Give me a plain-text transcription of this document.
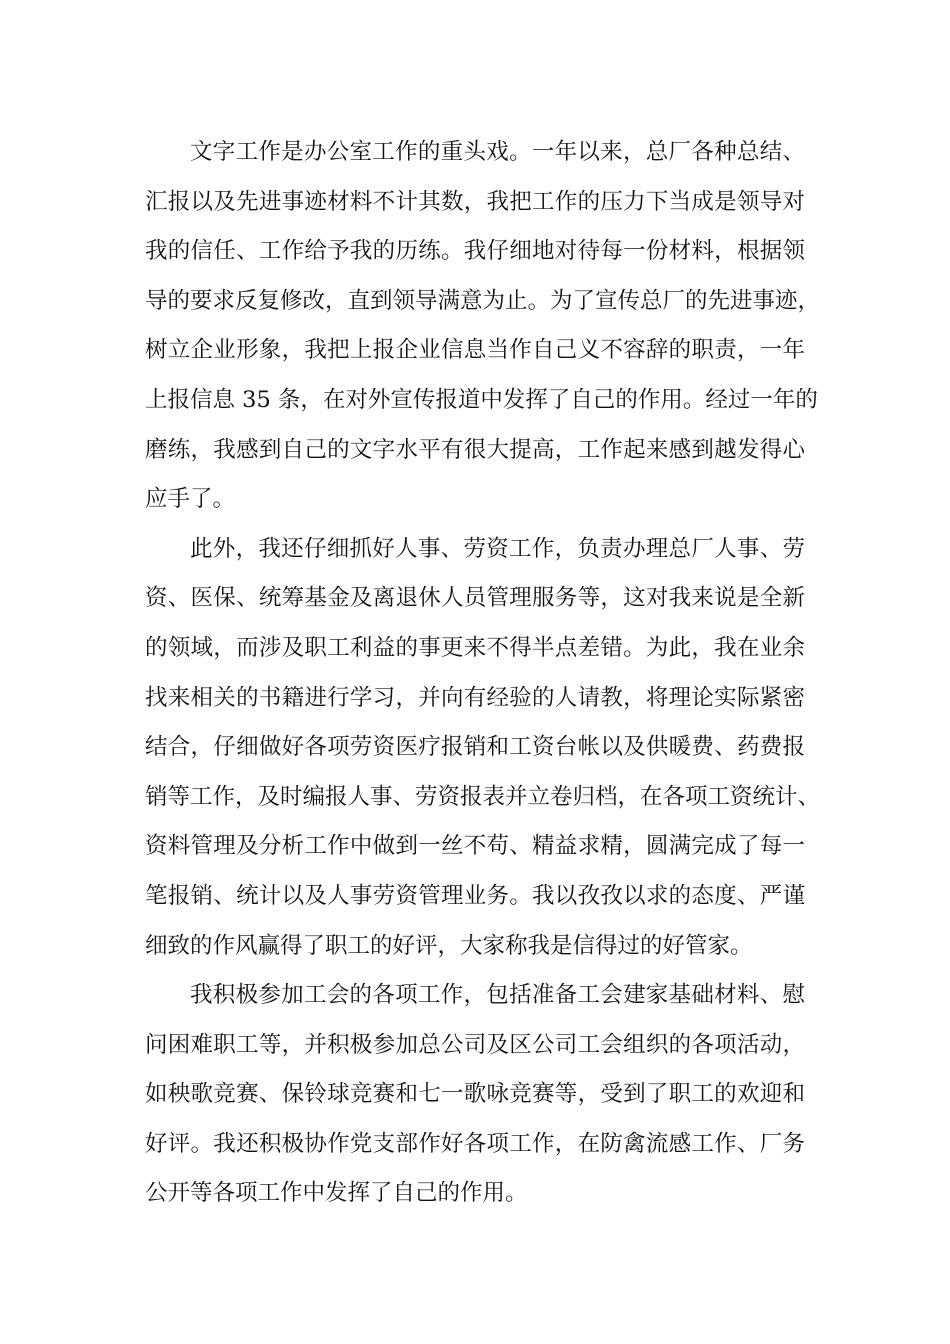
文字工作是办公室工作的重头戏。一年以来，总厂各种总结、
汇报以及先进事迹材料不计其数，我把工作的压力下当成是领导对
我的信任、工作给予我的历练。我仔细地对待每一份材料，根据领
导的要求反复修改，直到领导满意为止。为了宣传总厂的先进事迹，
树立企业形象，我把上报企业信息当作自己义不容辞的职责，一年
上报信息 35 条，在对外宣传报道中发挥了自己的作用。经过一年的
磨练，我感到自己的文字水平有很大提高，工作起来感到越发得心
应手了。
此外，我还仔细抓好人事、劳资工作，负责办理总厂人事、劳
资、医保、统筹基金及离退休人员管理服务等，这对我来说是全新
的领域，而涉及职工利益的事更来不得半点差错。为此，我在业余
找来相关的书籍进行学习，并向有经验的人请教，将理论实际紧密
结合，仔细做好各项劳资医疗报销和工资台帐以及供暖费、药费报
销等工作，及时编报人事、劳资报表并立卷归档，在各项工资统计、
资料管理及分析工作中做到一丝不苟、精益求精，圆满完成了每一
笔报销、统计以及人事劳资管理业务。我以孜孜以求的态度、严谨
细致的作风赢得了职工的好评，大家称我是信得过的好管家。
我积极参加工会的各项工作，包括准备工会建家基础材料、慰
问困难职工等，并积极参加总公司及区公司工会组织的各项活动，
如秧歌竞赛、保铃球竞赛和七一歌咏竞赛等，受到了职工的欢迎和
好评。我还积极协作党支部作好各项工作，在防禽流感工作、厂务
公开等各项工作中发挥了自己的作用。
